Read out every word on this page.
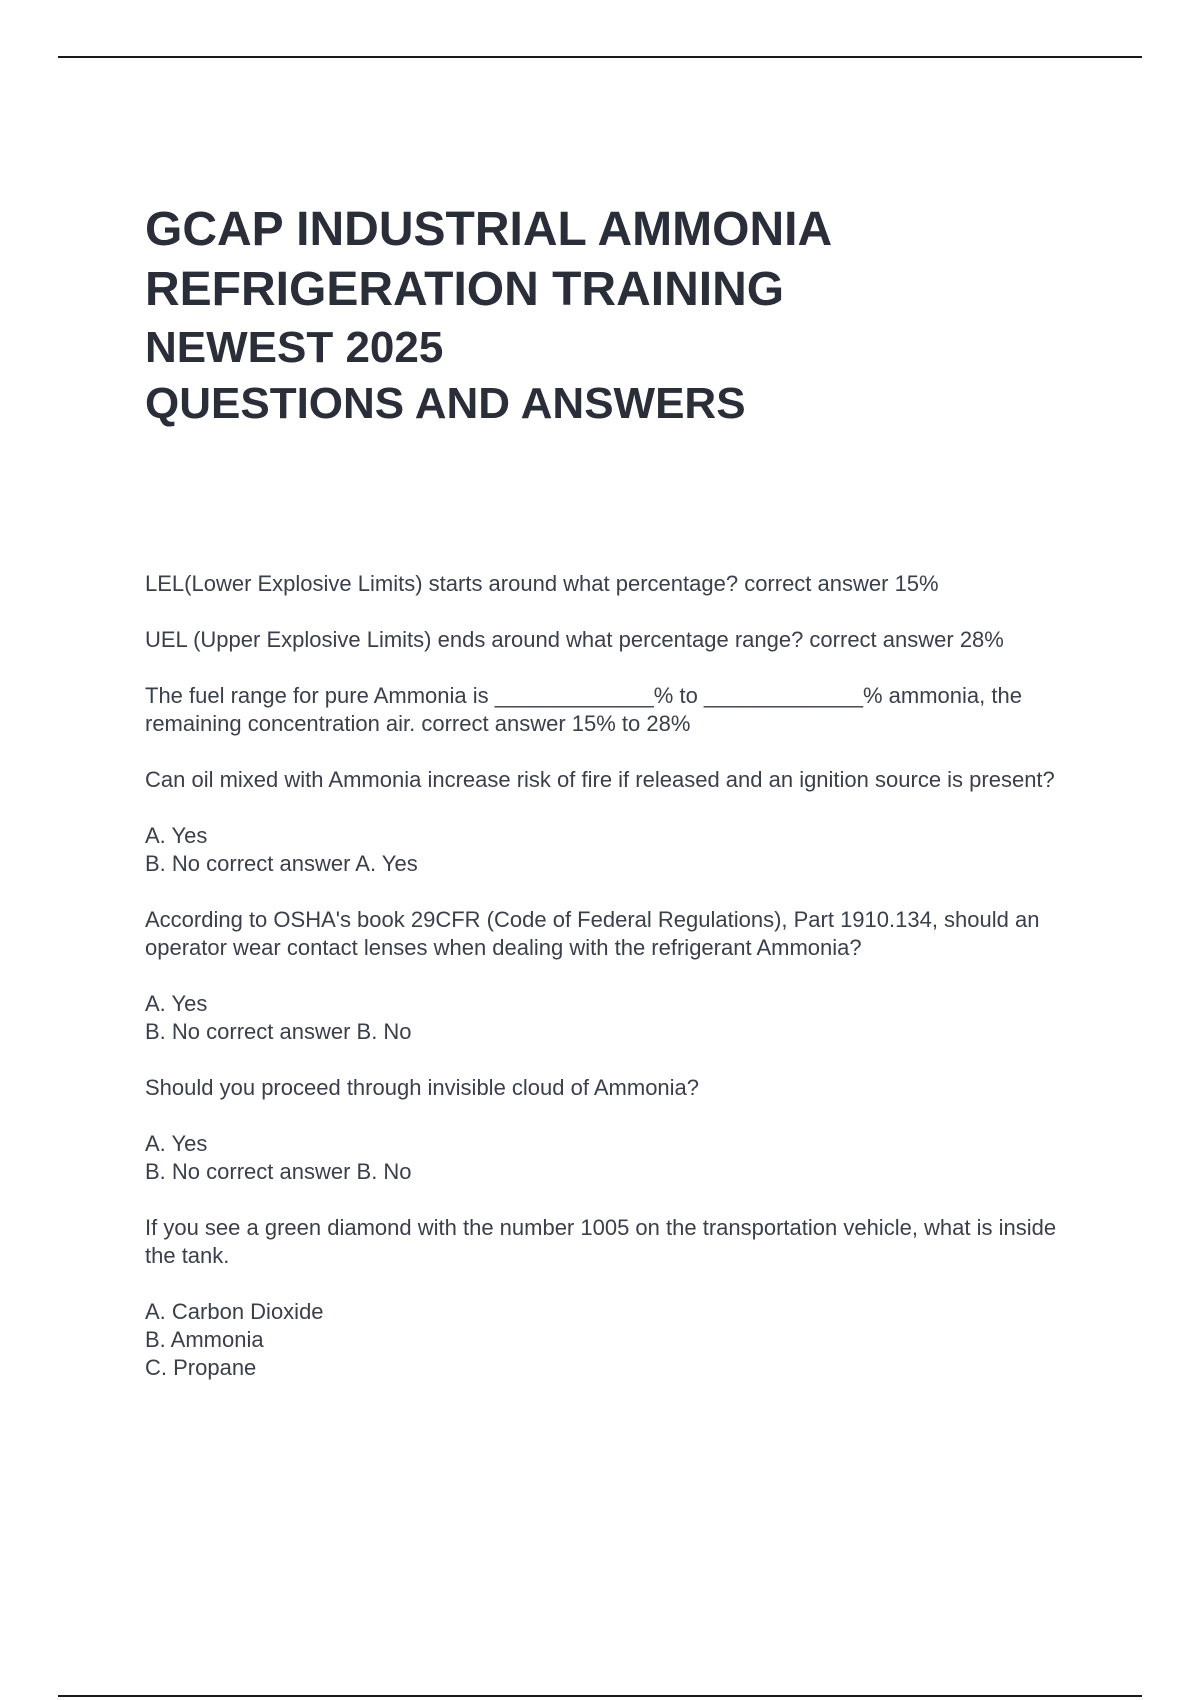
GCAP INDUSTRIAL AMMONIA
REFRIGERATION TRAINING
NEWEST 2025
QUESTIONS AND ANSWERS

LEL(Lower Explosive Limits) starts around what percentage? correct answer 15%

UEL (Upper Explosive Limits) ends around what percentage range? correct answer 28%

The fuel range for pure Ammonia is _____________% to _____________% ammonia, the remaining concentration air. correct answer 15% to 28%

Can oil mixed with Ammonia increase risk of fire if released and an ignition source is present?

A. Yes
B. No correct answer A. Yes

According to OSHA's book 29CFR (Code of Federal Regulations), Part 1910.134, should an operator wear contact lenses when dealing with the refrigerant Ammonia?

A. Yes
B. No correct answer B. No

Should you proceed through invisible cloud of Ammonia?

A. Yes
B. No correct answer B. No

If you see a green diamond with the number 1005 on the transportation vehicle, what is inside the tank.

A. Carbon Dioxide
B. Ammonia
C. Propane
